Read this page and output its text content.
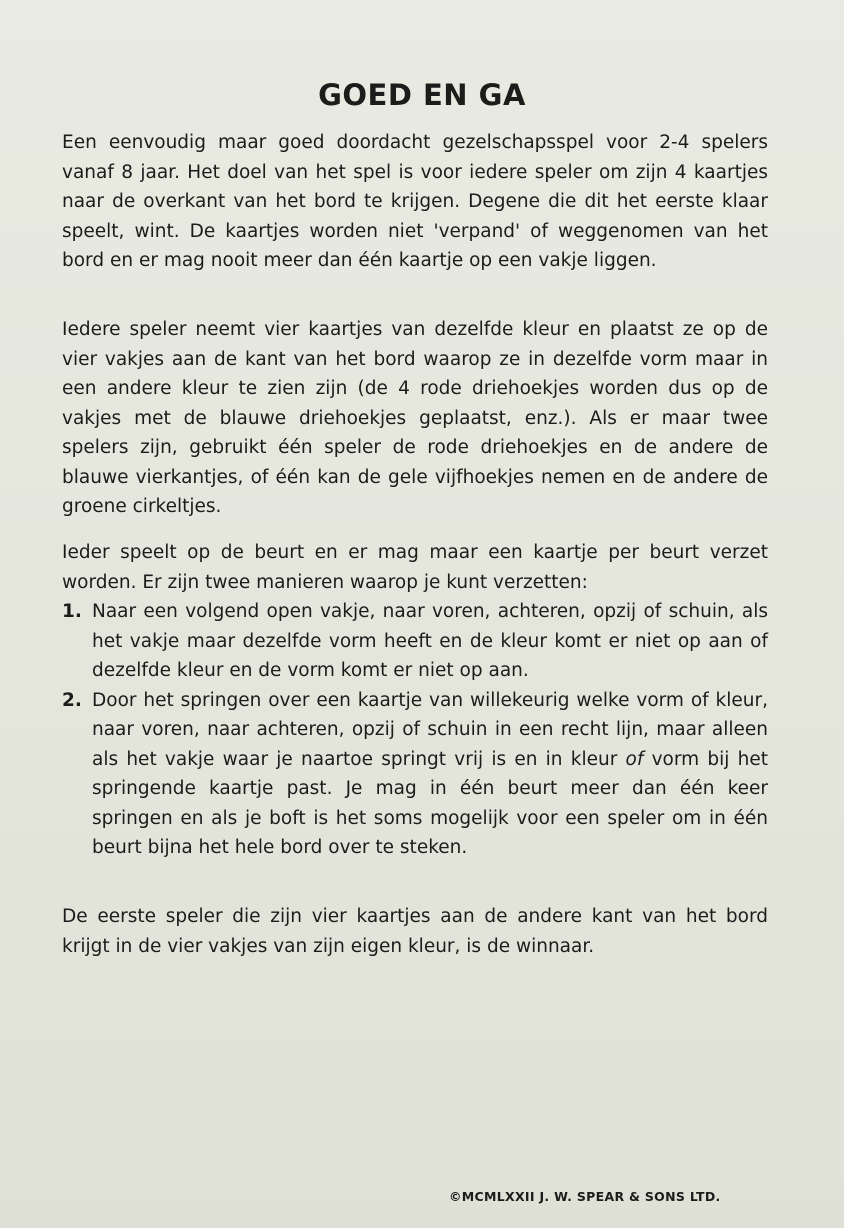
GOED EN GA

Een eenvoudig maar goed doordacht gezelschapsspel voor 2-4 spelers vanaf 8 jaar. Het doel van het spel is voor iedere speler om zijn 4 kaartjes naar de overkant van het bord te krijgen. Degene die dit het eerste klaar speelt, wint. De kaartjes worden niet 'verpand' of weggenomen van het bord en er mag nooit meer dan één kaartje op een vakje liggen.

Iedere speler neemt vier kaartjes van dezelfde kleur en plaatst ze op de vier vakjes aan de kant van het bord waarop ze in dezelfde vorm maar in een andere kleur te zien zijn (de 4 rode driehoekjes worden dus op de vakjes met de blauwe driehoekjes geplaatst, enz.). Als er maar twee spelers zijn, gebruikt één speler de rode driehoekjes en de andere de blauwe vierkantjes, of één kan de gele vijfhoekjes nemen en de andere de groene cirkeltjes.

Ieder speelt op de beurt en er mag maar een kaartje per beurt verzet worden. Er zijn twee manieren waarop je kunt verzetten:

1. Naar een volgend open vakje, naar voren, achteren, opzij of schuin, als het vakje maar dezelfde vorm heeft en de kleur komt er niet op aan of dezelfde kleur en de vorm komt er niet op aan.
2. Door het springen over een kaartje van willekeurig welke vorm of kleur, naar voren, naar achteren, opzij of schuin in een recht lijn, maar alleen als het vakje waar je naartoe springt vrij is en in kleur of vorm bij het springende kaartje past. Je mag in één beurt meer dan één keer springen en als je boft is het soms mogelijk voor een speler om in één beurt bijna het hele bord over te steken.

De eerste speler die zijn vier kaartjes aan de andere kant van het bord krijgt in de vier vakjes van zijn eigen kleur, is de winnaar.

©MCMLXXII J. W. SPEAR & SONS LTD.
